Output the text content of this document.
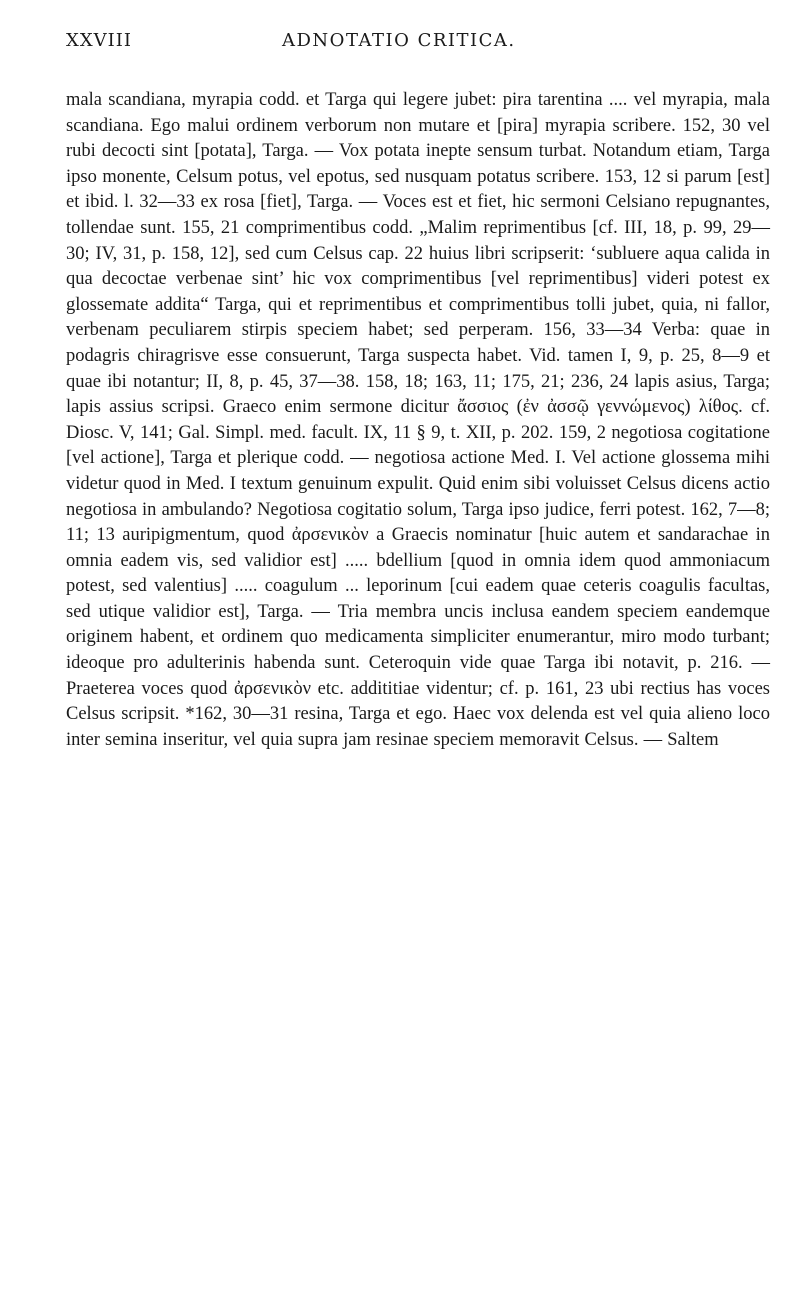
XXVIII	ADNOTATIO CRITICA.

mala scandiana, myrapia codd. et Targa qui legere jubet: pira tarentina .... vel myrapia, mala scandiana. Ego malui ordinem verborum non mutare et [pira] myrapia scribere. 152, 30 vel rubi decocti sint [potata], Targa. — Vox potata inepte sensum turbat. Notandum etiam, Targa ipso monente, Celsum potus, vel epotus, sed nusquam potatus scribere. 153, 12 si parum [est] et ibid. l. 32—33 ex rosa [fiet], Targa. — Voces est et fiet, hic sermoni Celsiano repugnantes, tollendae sunt. 155, 21 comprimentibus codd. „Malim reprimentibus [cf. III, 18, p. 99, 29—30; IV, 31, p. 158, 12], sed cum Celsus cap. 22 huius libri scripserit: ‘subluere aqua calida in qua decoctae verbenae sint’ hic vox comprimentibus [vel reprimentibus] videri potest ex glossemate addita“ Targa, qui et reprimentibus et comprimentibus tolli jubet, quia, ni fallor, verbenam peculiarem stirpis speciem habet; sed perperam. 156, 33—34 Verba: quae in podagris chiragrisve esse consuerunt, Targa suspecta habet. Vid. tamen I, 9, p. 25, 8—9 et quae ibi notantur; II, 8, p. 45, 37—38. 158, 18; 163, 11; 175, 21; 236, 24 lapis asius, Targa; lapis assius scripsi. Graeco enim sermone dicitur ἄσσιος (ἐν ἀσσῷ γεννώμενος) λίθος. cf. Diosc. V, 141; Gal. Simpl. med. facult. IX, 11 § 9, t. XII, p. 202. 159, 2 negotiosa cogitatione [vel actione], Targa et plerique codd. — negotiosa actione Med. I. Vel actione glossema mihi videtur quod in Med. I textum genuinum expulit. Quid enim sibi voluisset Celsus dicens actio negotiosa in ambulando? Negotiosa cogitatio solum, Targa ipso judice, ferri potest. 162, 7—8; 11; 13 auripigmentum, quod ἀρσενικὸν a Graecis nominatur [huic autem et sandarachae in omnia eadem vis, sed validior est] ..... bdellium [quod in omnia idem quod ammoniacum potest, sed valentius] ..... coagulum ... leporinum [cui eadem quae ceteris coagulis facultas, sed utique validior est], Targa. — Tria membra uncis inclusa eandem speciem eandemque originem habent, et ordinem quo medicamenta simpliciter enumerantur, miro modo turbant; ideoque pro adulterinis habenda sunt. Ceteroquin vide quae Targa ibi notavit, p. 216. — Praeterea voces quod ἀρσενικὸν etc. addititiae videntur; cf. p. 161, 23 ubi rectius has voces Celsus scripsit. *162, 30—31 resina, Targa et ego. Haec vox delenda est vel quia alieno loco inter semina inseritur, vel quia supra jam resinae speciem memoravit Celsus. — Saltem
